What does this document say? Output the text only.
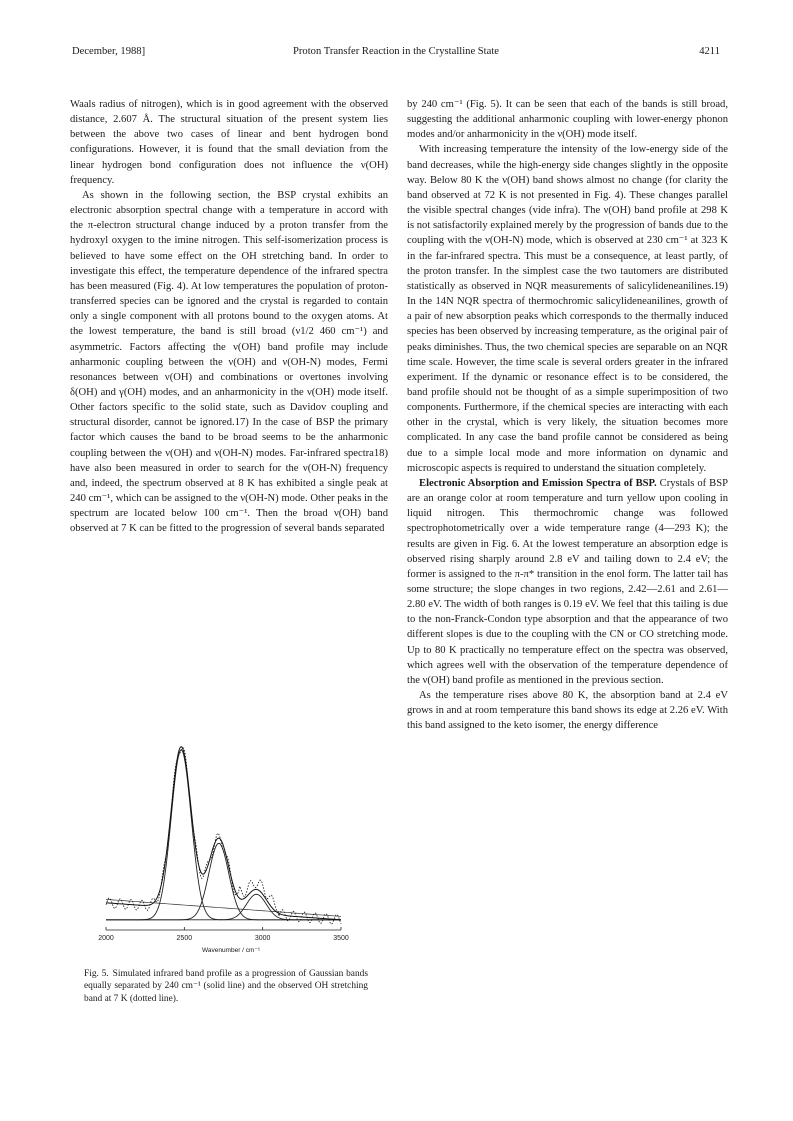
December, 1988]	Proton Transfer Reaction in the Crystalline State	4211

Waals radius of nitrogen), which is in good agreement with the observed distance, 2.607 Å. The structural situation of the present system lies between the above two cases of linear and bent hydrogen bond configurations. However, it is found that the small deviation from the linear hydrogen bond configuration does not influence the ν(OH) frequency.

As shown in the following section, the BSP crystal exhibits an electronic absorption spectral change with a temperature in accord with the π-electron structural change induced by a proton transfer from the hydroxyl oxygen to the imine nitrogen. This self-isomerization process is believed to have some effect on the OH stretching band. In order to investigate this effect, the temperature dependence of the infrared spectra has been measured (Fig. 4). At low temperatures the population of proton-transferred species can be ignored and the crystal is regarded to contain only a single component with all protons bound to the oxygen atoms. At the lowest temperature, the band is still broad (ν1/2 460 cm⁻¹) and asymmetric. Factors affecting the ν(OH) band profile may include anharmonic coupling between the ν(OH) and ν(OH-N) modes, Fermi resonances between ν(OH) and combinations or overtones involving δ(OH) and γ(OH) modes, and an anharmonicity in the ν(OH) mode itself. Other factors specific to the solid state, such as Davidov coupling and structural disorder, cannot be ignored.17) In the case of BSP the primary factor which causes the band to be broad seems to be the anharmonic coupling between the ν(OH) and ν(OH-N) modes. Far-infrared spectra18) have also been measured in order to search for the ν(OH-N) frequency and, indeed, the spectrum observed at 8 K has exhibited a single peak at 240 cm⁻¹, which can be assigned to the ν(OH-N) mode. Other peaks in the spectrum are located below 100 cm⁻¹. Then the broad ν(OH) band observed at 7 K can be fitted to the progression of several bands separated

by 240 cm⁻¹ (Fig. 5). It can be seen that each of the bands is still broad, suggesting the additional anharmonic coupling with lower-energy phonon modes and/or anharmonicity in the ν(OH) mode itself.

With increasing temperature the intensity of the low-energy side of the band decreases, while the high-energy side changes slightly in the opposite way. Below 80 K the ν(OH) band shows almost no change (for clarity the band observed at 72 K is not presented in Fig. 4). These changes parallel the visible spectral changes (vide infra). The ν(OH) band profile at 298 K is not satisfactorily explained merely by the progression of bands due to the coupling with the ν(OH-N) mode, which is observed at 230 cm⁻¹ at 323 K in the far-infrared spectra. This must be a consequence, at least partly, of the proton transfer. In the simplest case the two tautomers are distributed statistically as observed in NQR measurements of salicylideneanilines.19) In the 14N NQR spectra of thermochromic salicylideneanilines, growth of a pair of new absorption peaks which corresponds to the thermally induced species has been observed by increasing temperature, as the original pair of peaks diminishes. Thus, the two chemical species are separable on an NQR time scale. However, the time scale is several orders greater in the infrared experiment. If the dynamic or resonance effect is to be considered, the band profile should not be thought of as a simple superimposition of two components. Furthermore, if the chemical species are interacting with each other in the crystal, which is very likely, the situation becomes more complicated. In any case the band profile cannot be considered as being due to a simple local mode and more information on dynamic and microscopic aspects is required to understand the situation completely.

Electronic Absorption and Emission Spectra of BSP. Crystals of BSP are an orange color at room temperature and turn yellow upon cooling in liquid nitrogen. This thermochromic change was followed spectrophotometrically over a wide temperature range (4—293 K); the results are given in Fig. 6. At the lowest temperature an absorption edge is observed rising sharply around 2.8 eV and tailing down to 2.4 eV; the former is assigned to the π-π* transition in the enol form. The latter tail has some structure; the slope changes in two regions, 2.42—2.61 and 2.61—2.80 eV. The width of both ranges is 0.19 eV. We feel that this tailing is due to the non-Franck-Condon type absorption and that the appearance of two different slopes is due to the coupling with the CN or CO stretching mode. Up to 80 K practically no temperature effect on the spectra was observed, which agrees well with the observation of the temperature dependence of the ν(OH) band profile as mentioned in the previous section.

As the temperature rises above 80 K, the absorption band at 2.4 eV grows in and at room temperature this band shows its edge at 2.26 eV. With this band assigned to the keto isomer, the energy difference

2000	2500	3000	3500
Wavenumber / cm⁻¹
Fig. 5. Simulated infrared band profile as a progression of Gaussian bands equally separated by 240 cm⁻¹ (solid line) and the observed OH stretching band at 7 K (dotted line).
